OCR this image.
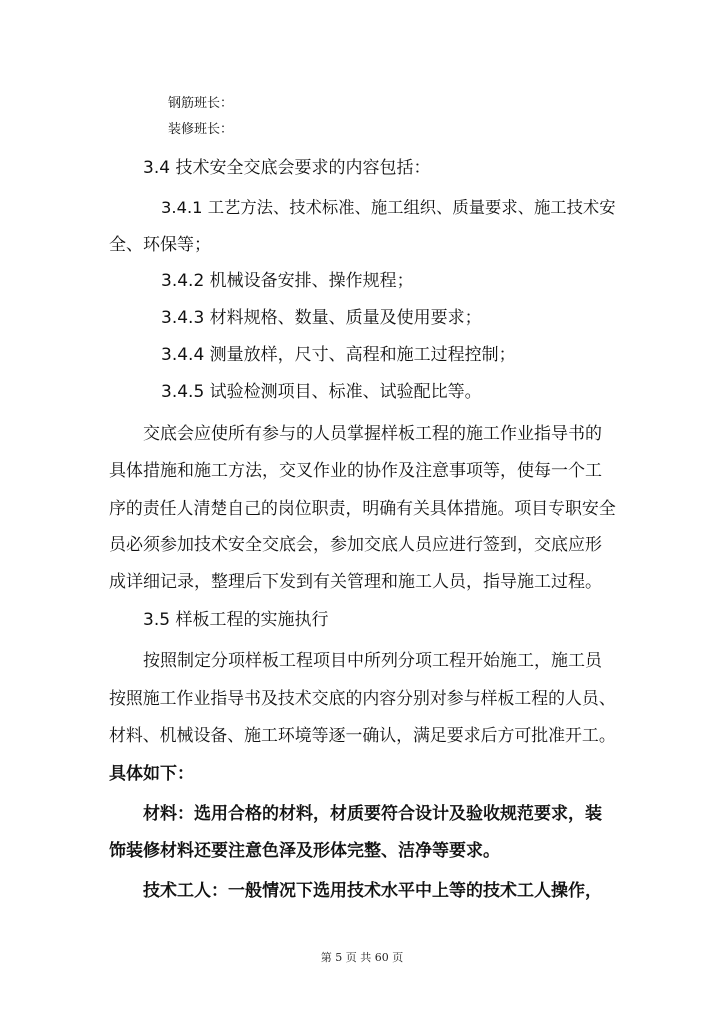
钢筋班长：
装修班长：
3.4 技术安全交底会要求的内容包括：
3.4.1 工艺方法、技术标准、施工组织、质量要求、施工技术安
全、环保等；
3.4.2 机械设备安排、操作规程；
3.4.3 材料规格、数量、质量及使用要求；
3.4.4 测量放样，尺寸、高程和施工过程控制；
3.4.5 试验检测项目、标准、试验配比等。
交底会应使所有参与的人员掌握样板工程的施工作业指导书的
具体措施和施工方法，交叉作业的协作及注意事项等，使每一个工
序的责任人清楚自己的岗位职责，明确有关具体措施。项目专职安全
员必须参加技术安全交底会，参加交底人员应进行签到，交底应形
成详细记录，整理后下发到有关管理和施工人员，指导施工过程。
3.5 样板工程的实施执行
按照制定分项样板工程项目中所列分项工程开始施工，施工员
按照施工作业指导书及技术交底的内容分别对参与样板工程的人员、
材料、机械设备、施工环境等逐一确认，满足要求后方可批准开工。
具体如下：
材料：选用合格的材料，材质要符合设计及验收规范要求，装
饰装修材料还要注意色泽及形体完整、洁净等要求。
技术工人：一般情况下选用技术水平中上等的技术工人操作，
第 5 页 共 60 页
